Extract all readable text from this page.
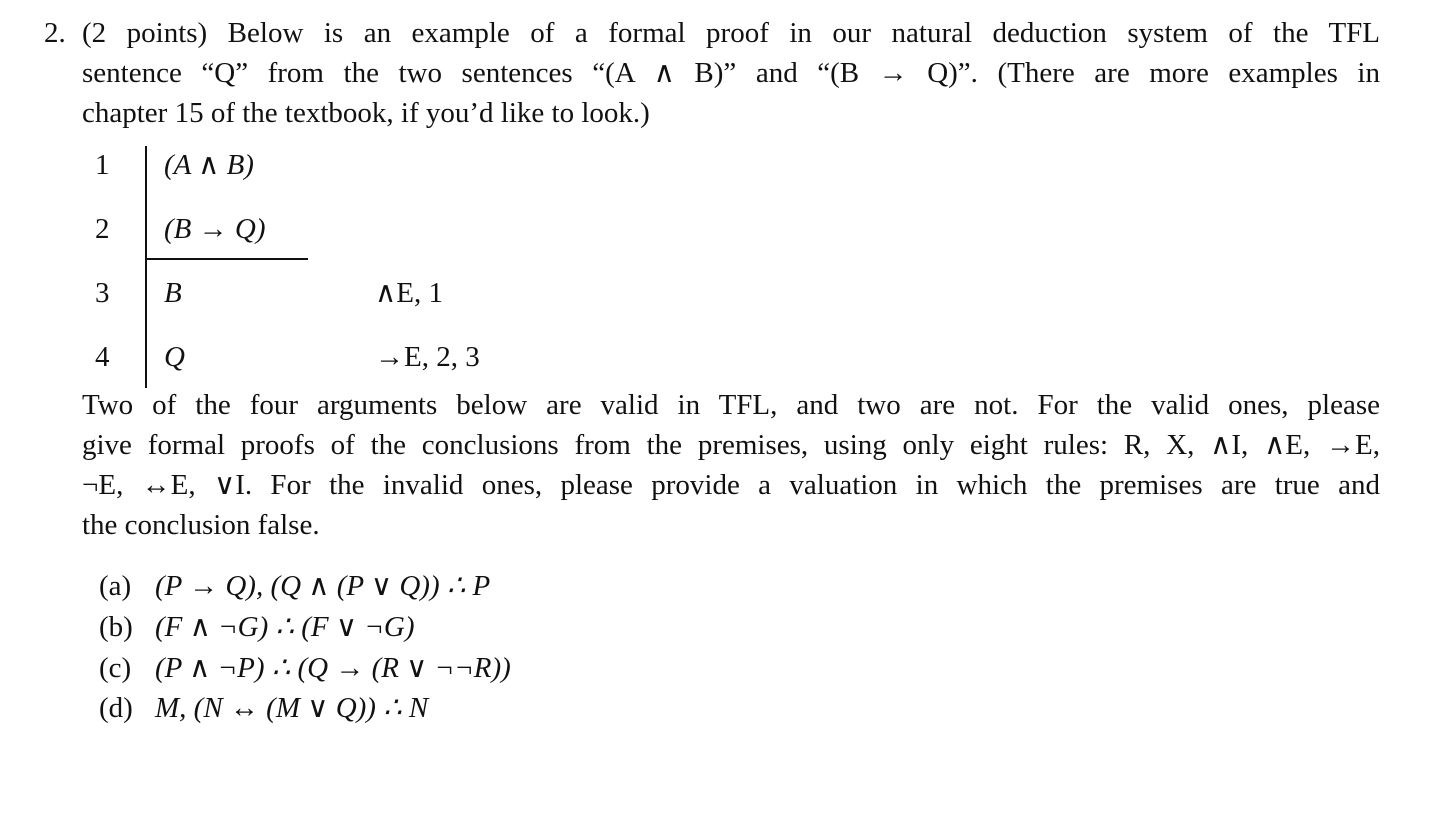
2. (2 points) Below is an example of a formal proof in our natural deduction system of the TFL
sentence “Q” from the two sentences “(A ∧ B)” and “(B → Q)”. (There are more examples in
chapter 15 of the textbook, if you’d like to look.)
1 (A ∧ B)
2 (B → Q)
3 B	∧E, 1
4 Q	→E, 2, 3
Two of the four arguments below are valid in TFL, and two are not. For the valid ones, please
give formal proofs of the conclusions from the premises, using only eight rules: R, X, ∧I, ∧E, →E,
¬E, ↔E, ∨I. For the invalid ones, please provide a valuation in which the premises are true and
the conclusion false.
(a) (P → Q), (Q ∧ (P ∨ Q)) ∴ P
(b) (F ∧ ¬G) ∴ (F ∨ ¬G)
(c) (P ∧ ¬P) ∴ (Q → (R ∨ ¬¬R))
(d) M, (N ↔ (M ∨ Q)) ∴ N
